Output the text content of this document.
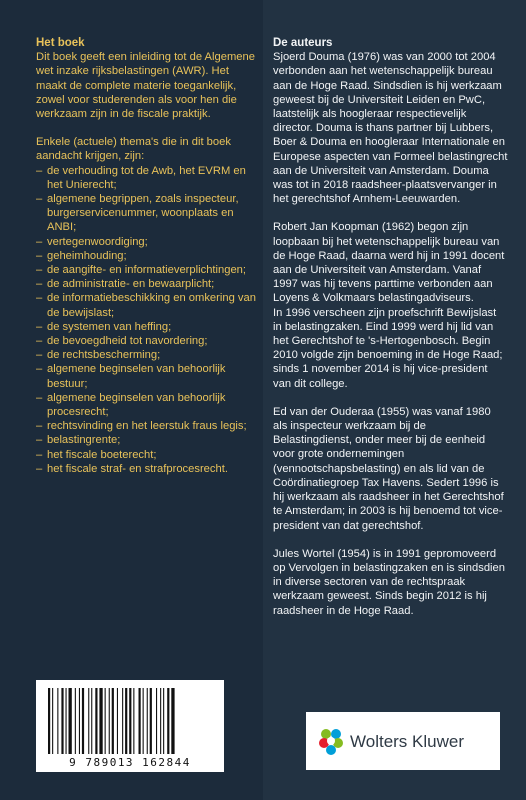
Het boek

Dit boek geeft een inleiding tot de Algemene wet inzake rijksbelastingen (AWR). Het maakt de complete materie toegankelijk, zowel voor studerenden als voor hen die werkzaam zijn in de fiscale praktijk.

Enkele (actuele) thema's die in dit boek aandacht krijgen, zijn:

– de verhouding tot de Awb, het EVRM en het Unierecht;
– algemene begrippen, zoals inspecteur, burgerservicenummer, woonplaats en ANBI;
– vertegenwoordiging;
– geheimhouding;
– de aangifte- en informatieverplichtingen;
– de administratie- en bewaarplicht;
– de informatiebeschikking en omkering van de bewijslast;
– de systemen van heffing;
– de bevoegdheid tot navordering;
– de rechtsbescherming;
– algemene beginselen van behoorlijk bestuur;
– algemene beginselen van behoorlijk procesrecht;
– rechtsvinding en het leerstuk fraus legis;
– belastingrente;
– het fiscale boeterecht;
– het fiscale straf- en strafprocesrecht.
De auteurs

Sjoerd Douma (1976) was van 2000 tot 2004 verbonden aan het wetenschappelijk bureau aan de Hoge Raad. Sindsdien is hij werkzaam geweest bij de Universiteit Leiden en PwC, laatstelijk als hoogleraar respectievelijk director. Douma is thans partner bij Lubbers, Boer & Douma en hoogleraar Internationale en Europese aspecten van Formeel belastingrecht aan de Universiteit van Amsterdam. Douma was tot in 2018 raadsheer-plaatsvervanger in het gerechtshof Arnhem-Leeuwarden.

Robert Jan Koopman (1962) begon zijn loopbaan bij het wetenschappelijk bureau van de Hoge Raad, daarna werd hij in 1991 docent aan de Universiteit van Amsterdam. Vanaf 1997 was hij tevens parttime verbonden aan Loyens & Volkmaars belastingadviseurs.

In 1996 verscheen zijn proefschrift Bewijslast in belastingzaken. Eind 1999 werd hij lid van het Gerechtshof te 's-Hertogenbosch. Begin 2010 volgde zijn benoeming in de Hoge Raad; sinds 1 november 2014 is hij vice-president van dit college.

Ed van der Ouderaa (1955) was vanaf 1980 als inspecteur werkzaam bij de Belastingdienst, onder meer bij de eenheid voor grote ondernemingen (vennootschapsbelasting) en als lid van de Coördinatiegroep Tax Havens. Sedert 1996 is hij werkzaam als raadsheer in het Gerechtshof te Amsterdam; in 2003 is hij benoemd tot vice-president van dat gerechtshof.

Jules Wortel (1954) is in 1991 gepromoveerd op Vervolgen in belastingzaken en is sindsdien in diverse sectoren van de rechtspraak werkzaam geweest. Sinds begin 2012 is hij raadsheer in de Hoge Raad.

9 789013 162844
Wolters Kluwer
